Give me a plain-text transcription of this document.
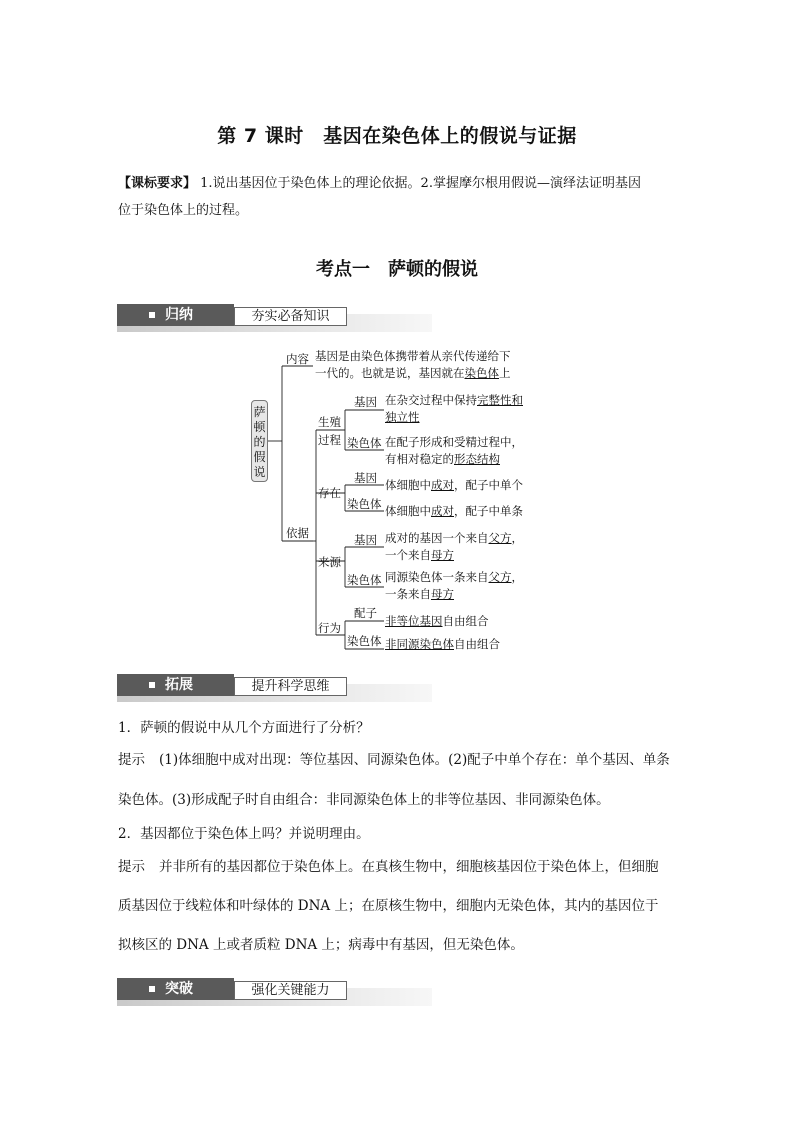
第 7 课时　基因在染色体上的假说与证据
【课标要求】 1.说出基因位于染色体上的理论依据。2.掌握摩尔根用假说—演绎法证明基因
位于染色体上的过程。
考点一　萨顿的假说
归纳	夯实必备知识
萨顿的假说
内容
依据
基因是由染色体携带着从亲代传递给下
一代的。也就是说，基因就在染色体上
生殖
过程
基因 在杂交过程中保持完整性和
独立性
染色体 在配子形成和受精过程中，
有相对稳定的形态结构
存在
基因
染色体
体细胞中成对，配子中单个
体细胞中成对，配子中单条
来源
基因
染色体
成对的基因一个来自父方，
一个来自母方
同源染色体一条来自父方，
一条来自母方
行为
配子
染色体
非等位基因自由组合
非同源染色体自由组合
拓展	提升科学思维
1．萨顿的假说中从几个方面进行了分析？
提示 (1)体细胞中成对出现：等位基因、同源染色体。(2)配子中单个存在：单个基因、单条
染色体。(3)形成配子时自由组合：非同源染色体上的非等位基因、非同源染色体。
2．基因都位于染色体上吗？并说明理由。
提示 并非所有的基因都位于染色体上。在真核生物中，细胞核基因位于染色体上，但细胞
质基因位于线粒体和叶绿体的 DNA 上；在原核生物中，细胞内无染色体，其内的基因位于
拟核区的 DNA 上或者质粒 DNA 上；病毒中有基因，但无染色体。
突破	强化关键能力
